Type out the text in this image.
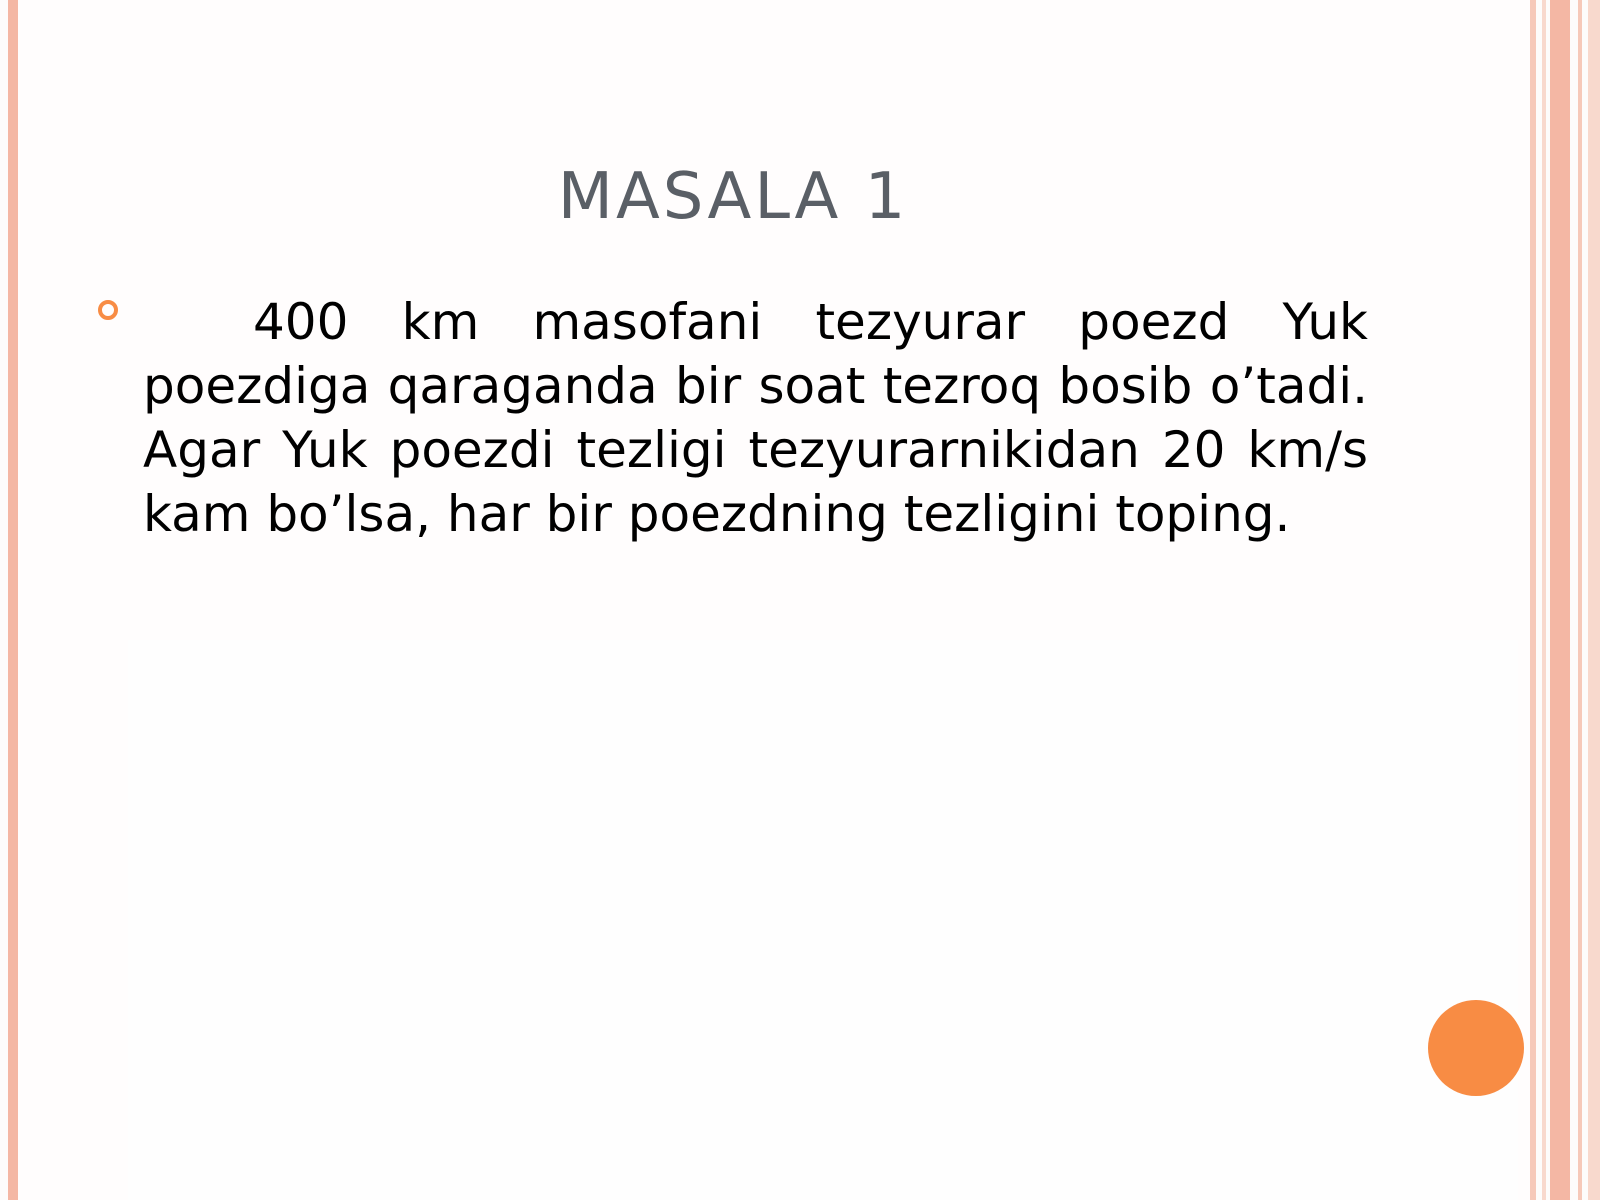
MASALA 1

400 km masofani tezyurar poezd Yuk poezdiga qaraganda bir soat tezroq bosib o’tadi. Agar Yuk poezdi tezligi tezyurarnikidan 20 km/s kam bo’lsa, har bir poezdning tezligini toping.
